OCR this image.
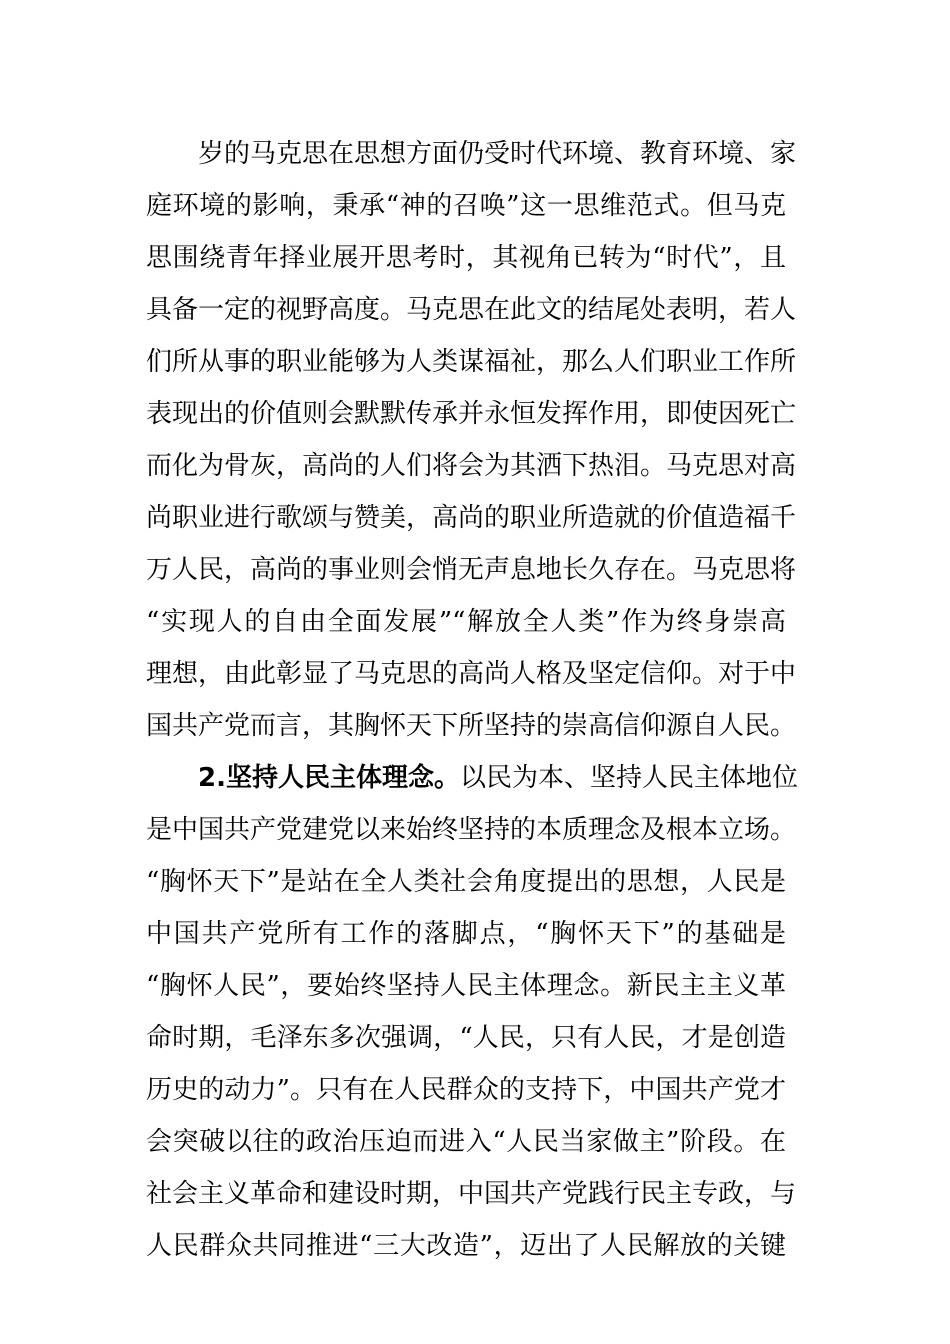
岁的马克思在思想方面仍受时代环境、教育环境、家
庭环境的影响，秉承“神的召唤”这一思维范式。但马克
思围绕青年择业展开思考时，其视角已转为“时代”，且
具备一定的视野高度。马克思在此文的结尾处表明，若人
们所从事的职业能够为人类谋福祉，那么人们职业工作所
表现出的价值则会默默传承并永恒发挥作用，即使因死亡
而化为骨灰，高尚的人们将会为其洒下热泪。马克思对高
尚职业进行歌颂与赞美，高尚的职业所造就的价值造福千
万人民，高尚的事业则会悄无声息地长久存在。马克思将
“实现人的自由全面发展”“解放全人类”作为终身崇高
理想，由此彰显了马克思的高尚人格及坚定信仰。对于中
国共产党而言，其胸怀天下所坚持的崇高信仰源自人民。
2.坚持人民主体理念。以民为本、坚持人民主体地位
是中国共产党建党以来始终坚持的本质理念及根本立场。
“胸怀天下”是站在全人类社会角度提出的思想，人民是
中国共产党所有工作的落脚点，“胸怀天下”的基础是
“胸怀人民”，要始终坚持人民主体理念。新民主主义革
命时期，毛泽东多次强调，“人民，只有人民，才是创造
历史的动力”。只有在人民群众的支持下，中国共产党才
会突破以往的政治压迫而进入“人民当家做主”阶段。在
社会主义革命和建设时期，中国共产党践行民主专政，与
人民群众共同推进“三大改造”，迈出了人民解放的关键
